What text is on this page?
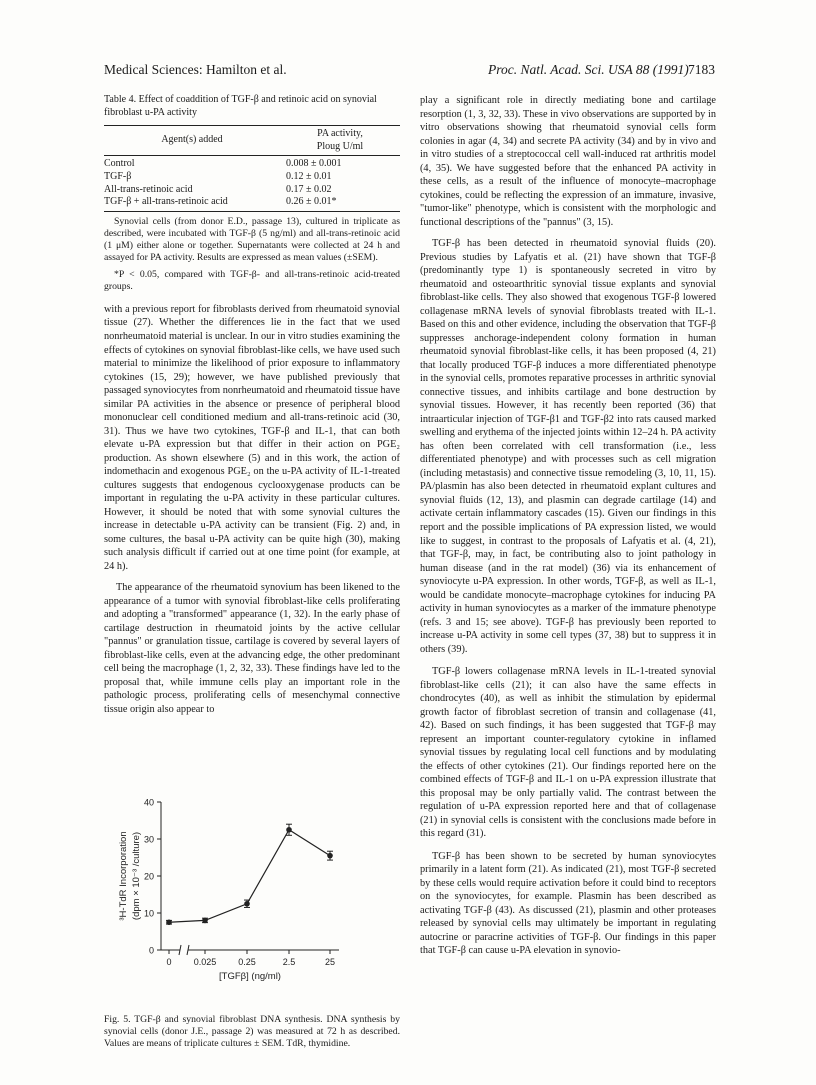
Medical Sciences: Hamilton et al.	Proc. Natl. Acad. Sci. USA 88 (1991) 7183

Table 4. Effect of coaddition of TGF-β and retinoic acid on synovial fibroblast u-PA activity

Agent(s) added	PA activity,
Ploug U/ml
Control	0.008 ± 0.001
TGF-β	0.12 ± 0.01
All-trans-retinoic acid	0.17 ± 0.02
TGF-β + all-trans-retinoic acid	0.26 ± 0.01*

Synovial cells (from donor E.D., passage 13), cultured in triplicate as described, were incubated with TGF-β (5 ng/ml) and all-trans-retinoic acid (1 μM) either alone or together. Supernatants were collected at 24 h and assayed for PA activity. Results are expressed as mean values (±SEM).

*P < 0.05, compared with TGF-β- and all-trans-retinoic acid-treated groups.

with a previous report for fibroblasts derived from rheumatoid synovial tissue (27). Whether the differences lie in the fact that we used nonrheumatoid material is unclear. In our in vitro studies examining the effects of cytokines on synovial fibroblast-like cells, we have used such material to minimize the likelihood of prior exposure to inflammatory cytokines (15, 29); however, we have published previously that passaged synoviocytes from nonrheumatoid and rheumatoid tissue have similar PA activities in the absence or presence of peripheral blood mononuclear cell conditioned medium and all-trans-retinoic acid (30, 31). Thus we have two cytokines, TGF-β and IL-1, that can both elevate u-PA expression but that differ in their action on PGE₂ production. As shown elsewhere (5) and in this work, the action of indomethacin and exogenous PGE₂ on the u-PA activity of IL-1-treated cultures suggests that endogenous cyclooxygenase products can be important in regulating the u-PA activity in these particular cultures. However, it should be noted that with some synovial cultures the increase in detectable u-PA activity can be transient (Fig. 2) and, in some cultures, the basal u-PA activity can be quite high (30), making such analysis difficult if carried out at one time point (for example, at 24 h).

The appearance of the rheumatoid synovium has been likened to the appearance of a tumor with synovial fibroblast-like cells proliferating and adopting a "transformed" appearance (1, 32). In the early phase of cartilage destruction in rheumatoid joints by the active cellular "pannus" or granulation tissue, cartilage is covered by several layers of fibroblast-like cells, even at the advancing edge, the other predominant cell being the macrophage (1, 2, 32, 33). These findings have led to the proposal that, while immune cells play an important role in the pathologic process, proliferating cells of mesenchymal connective tissue origin also appear to

0
10
20
30
40
0 0.025 0.25	2.5	25
[TGFβ] (ng/ml)
³H-TdR Incorporation (dpm × 10⁻³ /culture)

Fig. 5. TGF-β and synovial fibroblast DNA synthesis. DNA synthesis by synovial cells (donor J.E., passage 2) was measured at 72 h as described. Values are means of triplicate cultures ± SEM. TdR, thymidine.

play a significant role in directly mediating bone and cartilage resorption (1, 3, 32, 33). These in vivo observations are supported by in vitro observations showing that rheumatoid synovial cells form colonies in agar (4, 34) and secrete PA activity (34) and by in vivo and in vitro studies of a streptococcal cell wall-induced rat arthritis model (4, 35). We have suggested before that the enhanced PA activity in these cells, as a result of the influence of monocyte–macrophage cytokines, could be reflecting the expression of an immature, invasive, "tumor-like" phenotype, which is consistent with the morphologic and functional descriptions of the "pannus" (3, 15).

TGF-β has been detected in rheumatoid synovial fluids (20). Previous studies by Lafyatis et al. (21) have shown that TGF-β (predominantly type 1) is spontaneously secreted in vitro by rheumatoid and osteoarthritic synovial tissue explants and synovial fibroblast-like cells. They also showed that exogenous TGF-β lowered collagenase mRNA levels of synovial fibroblasts treated with IL-1. Based on this and other evidence, including the observation that TGF-β suppresses anchorage-independent colony formation in human rheumatoid synovial fibroblast-like cells, it has been proposed (4, 21) that locally produced TGF-β induces a more differentiated phenotype in the synovial cells, promotes reparative processes in arthritic synovial connective tissues, and inhibits cartilage and bone destruction by synovial tissues. However, it has recently been reported (36) that intraarticular injection of TGF-β1 and TGF-β2 into rats caused marked swelling and erythema of the injected joints within 12–24 h. PA activity has often been correlated with cell transformation (i.e., less differentiated phenotype) and with processes such as cell migration (including metastasis) and connective tissue remodeling (3, 10, 11, 15). PA/plasmin has also been detected in rheumatoid explant cultures and synovial fluids (12, 13), and plasmin can degrade cartilage (14) and activate certain inflammatory cascades (15). Given our findings in this report and the possible implications of PA expression listed, we would like to suggest, in contrast to the proposals of Lafyatis et al. (4, 21), that TGF-β, may, in fact, be contributing also to joint pathology in human disease (and in the rat model) (36) via its enhancement of synoviocyte u-PA expression. In other words, TGF-β, as well as IL-1, would be candidate monocyte–macrophage cytokines for inducing PA activity in human synoviocytes as a marker of the immature phenotype (refs. 3 and 15; see above). TGF-β has previously been reported to increase u-PA activity in some cell types (37, 38) but to suppress it in others (39).

TGF-β lowers collagenase mRNA levels in IL-1-treated synovial fibroblast-like cells (21); it can also have the same effects in chondrocytes (40), as well as inhibit the stimulation by epidermal growth factor of fibroblast secretion of transin and collagenase (41, 42). Based on such findings, it has been suggested that TGF-β may represent an important counter-regulatory cytokine in inflamed synovial tissues by regulating local cell functions and by modulating the effects of other cytokines (21). Our findings reported here on the combined effects of TGF-β and IL-1 on u-PA expression illustrate that this proposal may be only partially valid. The contrast between the regulation of u-PA expression reported here and that of collagenase (21) in synovial cells is consistent with the conclusions made before in this regard (31).

TGF-β has been shown to be secreted by human synoviocytes primarily in a latent form (21). As indicated (21), most TGF-β secreted by these cells would require activation before it could bind to receptors on the synoviocytes, for example. Plasmin has been described as activating TGF-β (43). As discussed (21), plasmin and other proteases released by synovial cells may ultimately be important in regulating autocrine or paracrine activities of TGF-β. Our findings in this paper that TGF-β can cause u-PA elevation in synovio-
